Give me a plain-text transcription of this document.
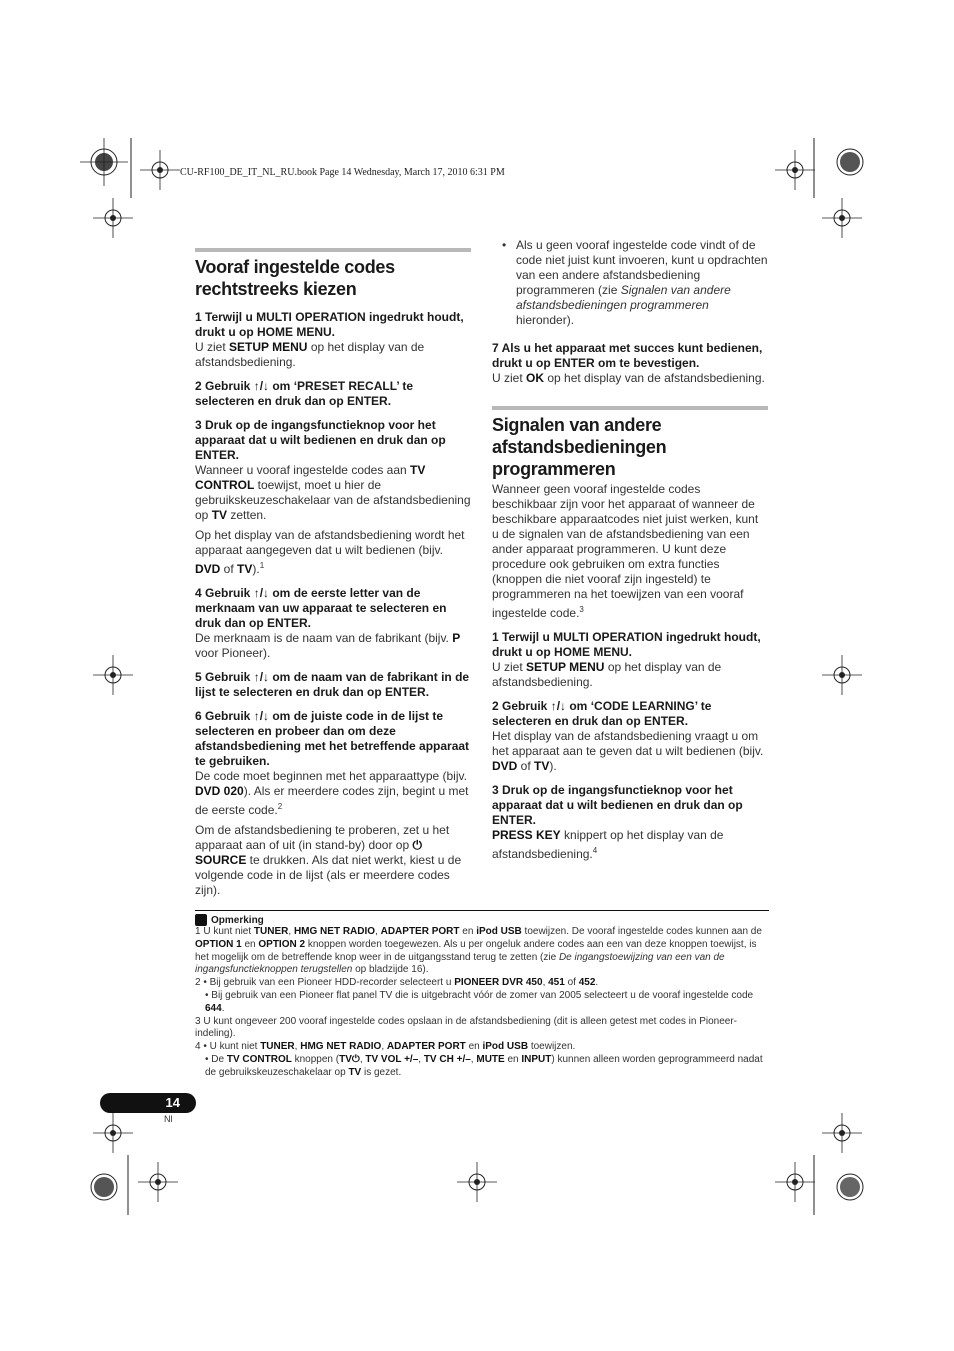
CU-RF100_DE_IT_NL_RU.book Page 14 Wednesday, March 17, 2010 6:31 PM
Vooraf ingestelde codes
rechtstreeks kiezen
1 Terwijl u MULTI OPERATION ingedrukt houdt, drukt u op HOME MENU.

U ziet SETUP MENU op het display van de afstandsbediening.

2 Gebruik ↑/↓ om ‘PRESET RECALL’ te selecteren en druk dan op ENTER.
3 Druk op de ingangsfunctieknop voor het apparaat dat u wilt bedienen en druk dan op ENTER.

Wanneer u vooraf ingestelde codes aan TV CONTROL toewijst, moet u hier de gebruikskeuzeschakelaar van de afstandsbediening op TV zetten.

Op het display van de afstandsbediening wordt het apparaat aangegeven dat u wilt bedienen (bijv. DVD of TV).$^1$

4 Gebruik ↑/↓ om de eerste letter van de merknaam van uw apparaat te selecteren en druk dan op ENTER.

De merknaam is de naam van de fabrikant (bijv. P voor Pioneer).

5 Gebruik ↑/↓ om de naam van de fabrikant in de lijst te selecteren en druk dan op ENTER.
6 Gebruik ↑/↓ om de juiste code in de lijst te selecteren en probeer dan om deze afstandsbediening met het betreffende apparaat te gebruiken.

De code moet beginnen met het apparaattype (bijv. DVD 020). Als er meerdere codes zijn, begint u met de eerste code.$^2$

Om de afstandsbediening te proberen, zet u het apparaat aan of uit (in stand-by) door op ⏻ SOURCE te drukken. Als dat niet werkt, kiest u de volgende code in de lijst (als er meerdere codes zijn).

• Als u geen vooraf ingestelde code vindt of de code niet juist kunt invoeren, kunt u opdrachten van een andere afstandsbediening programmeren (zie Signalen van andere afstandsbedieningen programmeren hieronder).
7 Als u het apparaat met succes kunt bedienen, drukt u op ENTER om te bevestigen.

U ziet OK op het display van de afstandsbediening.

Signalen van andere
afstandsbedieningen
programmeren

Wanneer geen vooraf ingestelde codes beschikbaar zijn voor het apparaat of wanneer de beschikbare apparaatcodes niet juist werken, kunt u de signalen van de afstandsbediening van een ander apparaat programmeren. U kunt deze procedure ook gebruiken om extra functies (knoppen die niet vooraf zijn ingesteld) te programmeren na het toewijzen van een vooraf ingestelde code.$^3$

1 Terwijl u MULTI OPERATION ingedrukt houdt, drukt u op HOME MENU.

U ziet SETUP MENU op het display van de afstandsbediening.

2 Gebruik ↑/↓ om ‘CODE LEARNING’ te selecteren en druk dan op ENTER.

Het display van de afstandsbediening vraagt u om het apparaat aan te geven dat u wilt bedienen (bijv. DVD of TV).

3 Druk op de ingangsfunctieknop voor het apparaat dat u wilt bedienen en druk dan op ENTER.

PRESS KEY knippert op het display van de afstandsbediening.$^4$

Opmerking
1 U kunt niet TUNER, HMG NET RADIO, ADAPTER PORT en iPod USB toewijzen. De vooraf ingestelde codes kunnen aan de OPTION 1 en OPTION 2 knoppen worden toegewezen. Als u per ongeluk andere codes aan een van deze knoppen toewijst, is het mogelijk om de betreffende knop weer in de uitgangsstand terug te zetten (zie De ingangstoewijzing van een van de ingangsfunctieknoppen terugstellen op bladzijde 16).
2 • Bij gebruik van een Pioneer HDD-recorder selecteert u PIONEER DVR 450, 451 of 452.
• Bij gebruik van een Pioneer flat panel TV die is uitgebracht vóór de zomer van 2005 selecteert u de vooraf ingestelde code 644.
3 U kunt ongeveer 200 vooraf ingestelde codes opslaan in de afstandsbediening (dit is alleen getest met codes in Pioneer-indeling).
4 • U kunt niet TUNER, HMG NET RADIO, ADAPTER PORT en iPod USB toewijzen.
• De TV CONTROL knoppen (TV⏻, TV VOL +/–, TV CH +/–, MUTE en INPUT) kunnen alleen worden geprogrammeerd nadat de gebruikskeuzeschakelaar op TV is gezet.
14
Nl
